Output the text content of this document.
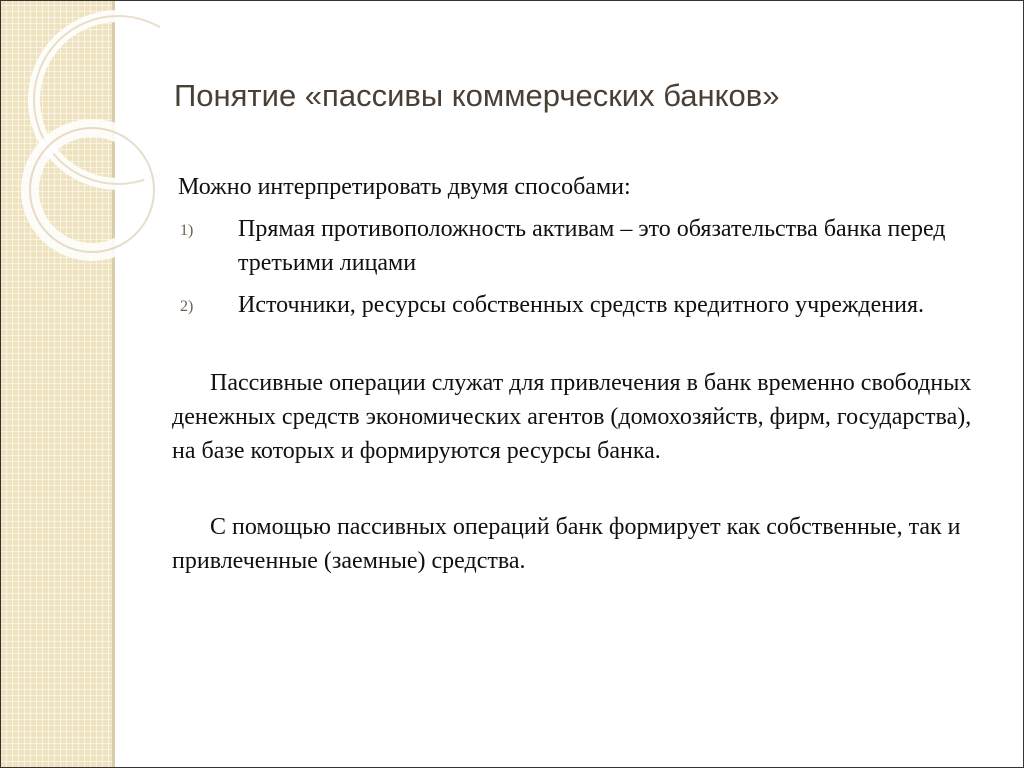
Понятие «пассивы коммерческих банков»
Можно интерпретировать двумя способами:
1) Прямая противоположность активам – это обязательства банка перед третьими лицами
2) Источники, ресурсы собственных средств кредитного учреждения.
Пассивные операции служат для привлечения в банк временно свободных денежных средств экономических агентов (домохозяйств, фирм, государства), на базе которых и формируются ресурсы банка.
С помощью пассивных операций банк формирует как собственные, так и привлеченные (заемные) средства.
